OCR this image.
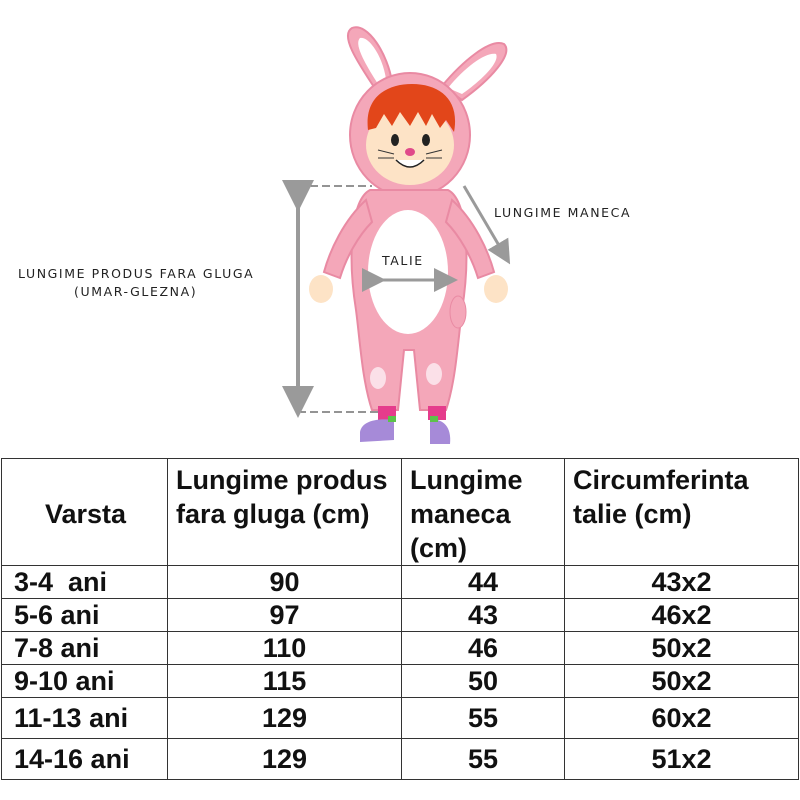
LUNGIME PRODUS FARA GLUGA
(UMAR-GLEZNA)
TALIE
LUNGIME MANECA
Varsta	Lungime produs fara gluga (cm)	Lungime maneca (cm)	Circumferinta talie (cm)
3-4  ani	90	44	43x2
5-6 ani	97	43	46x2
7-8 ani	110	46	50x2
9-10 ani	115	50	50x2
11-13 ani	129	55	60x2
14-16 ani	129	55	51x2
